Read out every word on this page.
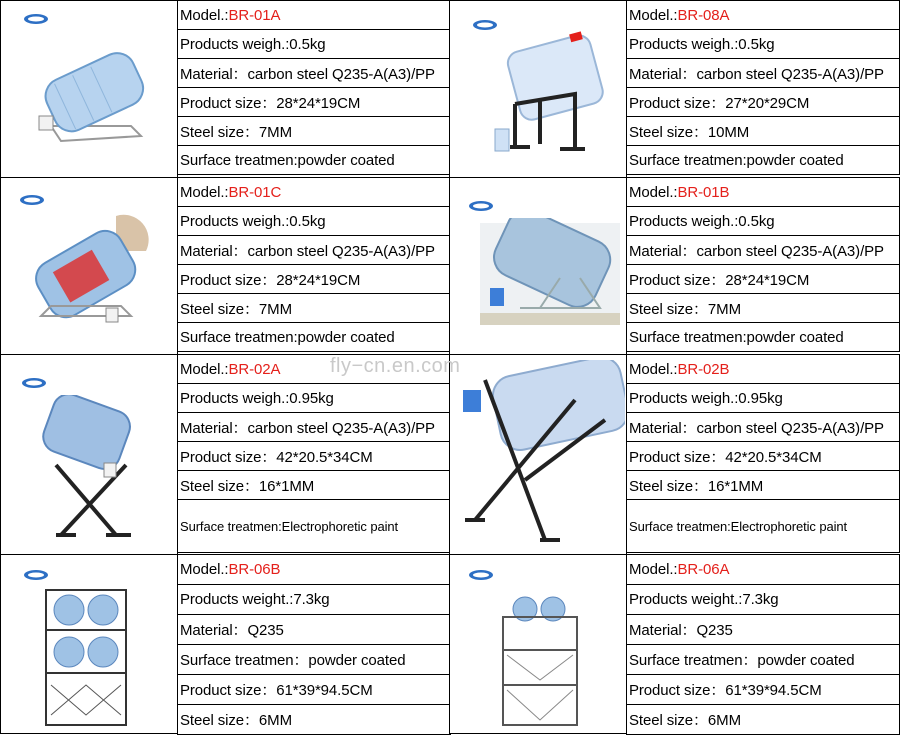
Model.:BR-01A
Products weigh.:0.5kg
Material：carbon steel Q235-A(A3)/PP
Product size：28*24*19CM
Steel size：7MM
Surface treatmen:powder coated
Model.:BR-08A
Products weigh.:0.5kg
Material：carbon steel Q235-A(A3)/PP
Product size：27*20*29CM
Steel size：10MM
Surface treatmen:powder coated
Model.:BR-01C
Products weigh.:0.5kg
Material：carbon steel Q235-A(A3)/PP
Product size：28*24*19CM
Steel size：7MM
Surface treatmen:powder coated
Model.:BR-01B
Products weigh.:0.5kg
Material：carbon steel Q235-A(A3)/PP
Product size：28*24*19CM
Steel size：7MM
Surface treatmen:powder coated
Model.:BR-02A
Products weigh.:0.95kg
Material：carbon steel Q235-A(A3)/PP
Product size：42*20.5*34CM
Steel size：16*1MM
Surface treatmen:Electrophoretic paint
Model.:BR-02B
Products weigh.:0.95kg
Material：carbon steel Q235-A(A3)/PP
Product size：42*20.5*34CM
Steel size：16*1MM
Surface treatmen:Electrophoretic paint
Model.:BR-06B
Products weight.:7.3kg
Material：Q235
Surface treatmen：powder coated
Product size：61*39*94.5CM
Steel size：6MM
Model.:BR-06A
Products weight.:7.3kg
Material：Q235
Surface treatmen：powder coated
Product size：61*39*94.5CM
Steel size：6MM
fly−cn.en.com
